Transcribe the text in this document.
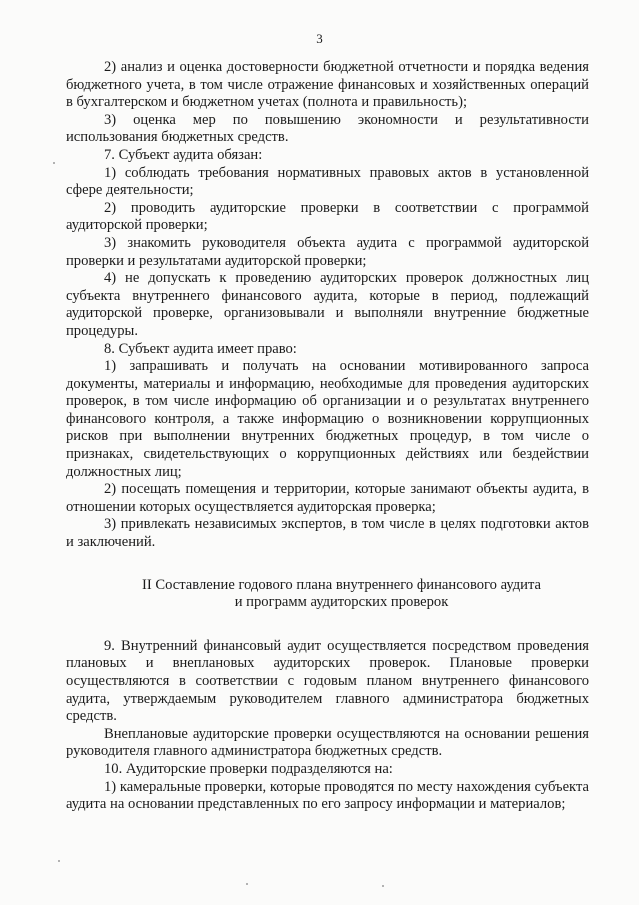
3

2) анализ и оценка достоверности бюджетной отчетности и порядка ведения бюджетного учета, в том числе отражение финансовых и хозяйственных операций в бухгалтерском и бюджетном учетах (полнота и правильность);

3) оценка мер по повышению экономности и результативности использования бюджетных средств.

7. Субъект аудита обязан:

1) соблюдать требования нормативных правовых актов в установленной сфере деятельности;

2) проводить аудиторские проверки в соответствии с программой аудиторской проверки;

3) знакомить руководителя объекта аудита с программой аудиторской проверки и результатами аудиторской проверки;

4) не допускать к проведению аудиторских проверок должностных лиц субъекта внутреннего финансового аудита, которые в период, подлежащий аудиторской проверке, организовывали и выполняли внутренние бюджетные процедуры.

8. Субъект аудита имеет право:

1) запрашивать и получать на основании мотивированного запроса документы, материалы и информацию, необходимые для проведения аудиторских проверок, в том числе информацию об организации и о результатах внутреннего финансового контроля, а также информацию о возникновении коррупционных рисков при выполнении внутренних бюджетных процедур, в том числе о признаках, свидетельствующих о коррупционных действиях или бездействии должностных лиц;

2) посещать помещения и территории, которые занимают объекты аудита, в отношении которых осуществляется аудиторская проверка;

3) привлекать независимых экспертов, в том числе в целях подготовки актов и заключений.

II Составление годового плана внутреннего финансового аудита
и программ аудиторских проверок

9. Внутренний финансовый аудит осуществляется посредством проведения плановых и внеплановых аудиторских проверок. Плановые проверки осуществляются в соответствии с годовым планом внутреннего финансового аудита, утверждаемым руководителем главного администратора бюджетных средств.

Внеплановые аудиторские проверки осуществляются на основании решения руководителя главного администратора бюджетных средств.

10. Аудиторские проверки подразделяются на:

1) камеральные проверки, которые проводятся по месту нахождения субъекта аудита на основании представленных по его запросу информации и материалов;
